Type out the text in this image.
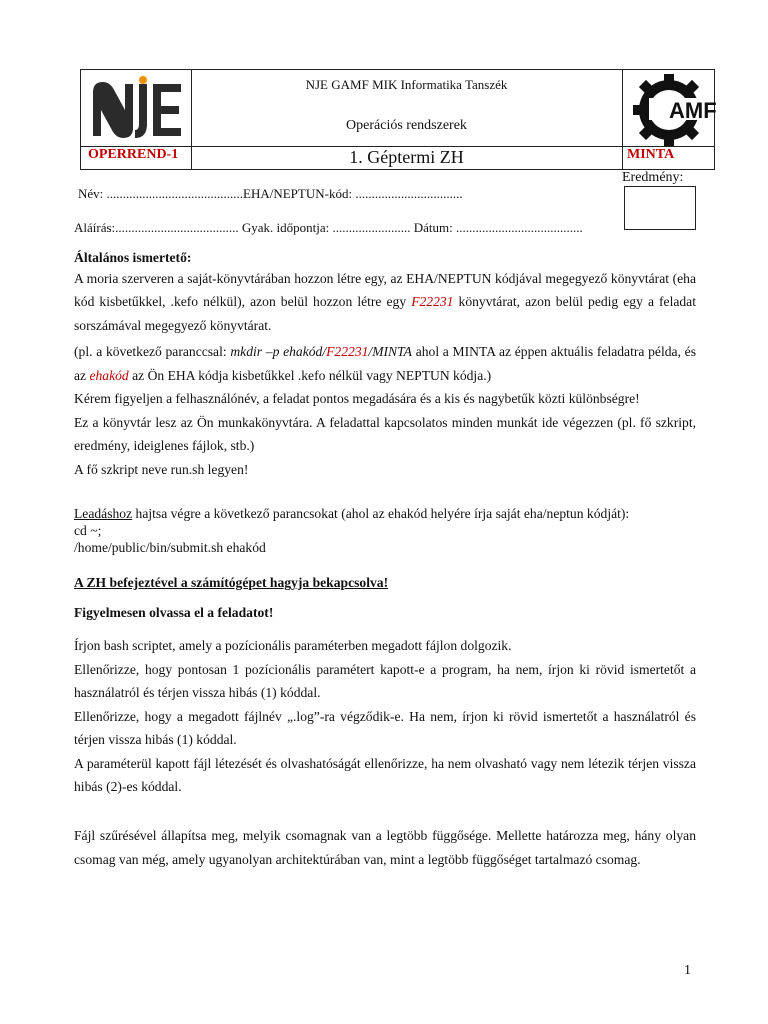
NJE GAMF MIK Informatika Tanszék
Operációs rendszerek
AMF
OPERREND-1	1. Géptermi ZH	MINTA
Eredmény:
Név: ..........................................EHA/NEPTUN-kód: .................................
Aláírás:...................................... Gyak. időpontja: ........................ Dátum: .......................................
Általános ismertető:
A moria szerveren a saját-könyvtárában hozzon létre egy, az EHA/NEPTUN kódjával megegyező könyvtárat (eha kód kisbetűkkel, .kefo nélkül), azon belül hozzon létre egy F22231 könyvtárat, azon belül pedig egy a feladat sorszámával megegyező könyvtárat.
(pl. a következő paranccsal: mkdir –p ehakód/F22231/MINTA ahol a MINTA az éppen aktuális feladatra példa, és az ehakód az Ön EHA kódja kisbetűkkel .kefo nélkül vagy NEPTUN kódja.)
Kérem figyeljen a felhasználónév, a feladat pontos megadására és a kis és nagybetűk közti különbségre!
Ez a könyvtár lesz az Ön munkakönyvtára. A feladattal kapcsolatos minden munkát ide végezzen (pl. fő szkript, eredmény, ideiglenes fájlok, stb.)
A fő szkript neve run.sh legyen!
Leadáshoz hajtsa végre a következő parancsokat (ahol az ehakód helyére írja saját eha/neptun kódját):
cd ~;
/home/public/bin/submit.sh ehakód
A ZH befejeztével a számítógépet hagyja bekapcsolva!
Figyelmesen olvassa el a feladatot!
Írjon bash scriptet, amely a pozícionális paraméterben megadott fájlon dolgozik.
Ellenőrizze, hogy pontosan 1 pozícionális paramétert kapott-e a program, ha nem, írjon ki rövid ismertetőt a használatról és térjen vissza hibás (1) kóddal.
Ellenőrizze, hogy a megadott fájlnév „.log”-ra végződik-e. Ha nem, írjon ki rövid ismertetőt a használatról és térjen vissza hibás (1) kóddal.
A paraméterül kapott fájl létezését és olvashatóságát ellenőrizze, ha nem olvasható vagy nem létezik térjen vissza hibás (2)-es kóddal.
Fájl szűrésével állapítsa meg, melyik csomagnak van a legtöbb függősége. Mellette határozza meg, hány olyan csomag van még, amely ugyanolyan architektúrában van, mint a legtöbb függőséget tartalmazó csomag.
1
